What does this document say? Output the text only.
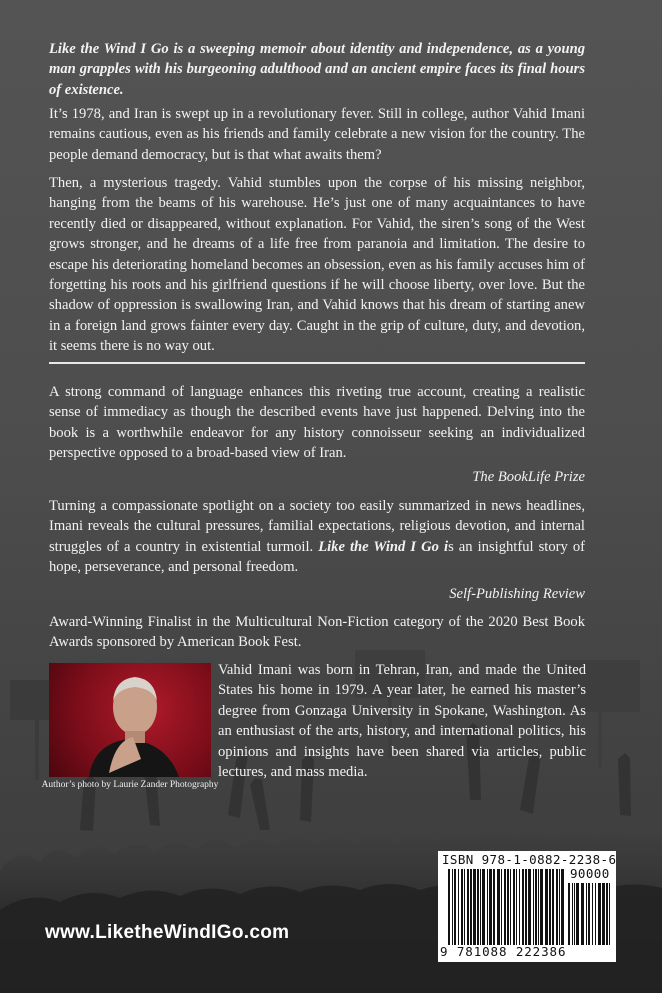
Like the Wind I Go is a sweeping memoir about identity and independence, as a young man grapples with his burgeoning adulthood and an ancient empire faces its final hours of existence.

It’s 1978, and Iran is swept up in a revolutionary fever. Still in college, author Vahid Imani remains cautious, even as his friends and family celebrate a new vision for the country. The people demand democracy, but is that what awaits them?

Then, a mysterious tragedy. Vahid stumbles upon the corpse of his missing neighbor, hanging from the beams of his warehouse. He’s just one of many acquaintances to have recently died or disappeared, without explanation. For Vahid, the siren’s song of the West grows stronger, and he dreams of a life free from paranoia and limitation. The desire to escape his deteriorating homeland becomes an obsession, even as his family accuses him of forgetting his roots and his girlfriend questions if he will choose liberty, over love. But the shadow of oppression is swallowing Iran, and Vahid knows that his dream of starting anew in a foreign land grows fainter every day. Caught in the grip of culture, duty, and devotion, it seems there is no way out.

A strong command of language enhances this riveting true account, creating a realistic sense of immediacy as though the described events have just happened. Delving into the book is a worthwhile endeavor for any history connoisseur seeking an individualized perspective opposed to a broad-based view of Iran.

The BookLife Prize

Turning a compassionate spotlight on a society too easily summarized in news headlines, Imani reveals the cultural pressures, familial expectations, religious devotion, and internal struggles of a country in existential turmoil. Like the Wind I Go is an insightful story of hope, perseverance, and personal freedom.

Self-Publishing Review

Award-Winning Finalist in the Multicultural Non-Fiction category of the 2020 Best Book Awards sponsored by American Book Fest.

Author’s photo by Laurie Zander Photography
Vahid Imani was born in Tehran, Iran, and made the United States his home in 1979. A year later, he earned his master’s degree from Gonzaga University in Spokane, Washington. As an enthusiast of the arts, history, and international politics, his opinions and insights have been shared via articles, public lectures, and mass media.
www.LiketheWindIGo.com
ISBN 978-1-0882-2238-6
90000
9 781088 222386
